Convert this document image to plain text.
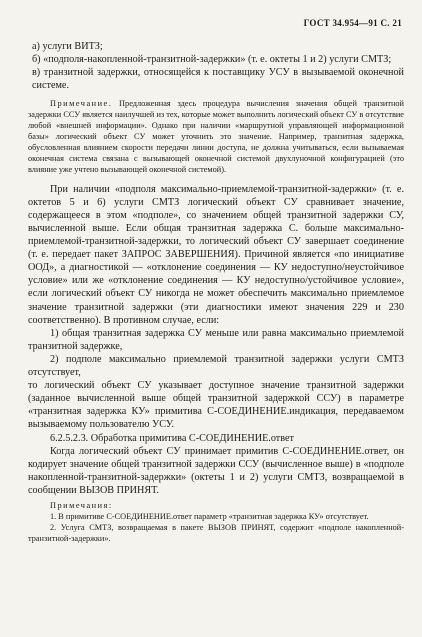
ГОСТ 34.954—91 С. 21

а) услуги ВИТЗ;

б) «подполя-накопленной-транзитной-задержки» (т. е. октеты 1 и 2) услуги СМТЗ;

в) транзитной задержки, относящейся к поставщику УСУ в вызываемой оконечной системе.

Примечание. Предложенная здесь процедура вычисления значения общей транзитной задержки ССУ является наилучшей из тех, которые может выполнить логический объект СУ в отсутствие любой «внешней информации». Однако при наличии «маршрутной управляющей информационной базы» логический объект СУ может уточнить это значение. Например, транзитная задержка, обусловленная влиянием скорости передачи линии доступа, не должна учитываться, если вызываемая оконечная система связана с вызывающей оконечной системой двухлуночной конфигурацией (это влияние уже учтено вызывающей оконечной системой).

При наличии «подполя максимально-приемлемой-транзитной-задержки» (т. е. октетов 5 и 6) услуги СМТЗ логический объект СУ сравнивает значение, содержащееся в этом «подполе», со значением общей транзитной задержки СУ, вычисленной выше. Если общая транзитная задержка С. больше максимально-приемлемой-транзитной-задержки, то логический объект СУ завершает соединение (т. е. передает пакет ЗАПРОС ЗАВЕРШЕНИЯ). Причиной является «по инициативе ООД», а диагностикой — «отклонение соединения — КУ недоступно/неустойчивое условие» или же «отклонение соединения — КУ недоступно/устойчивое условие», если логический объект СУ никогда не может обеспечить максимально приемлемое значение транзитной задержки (эти диагностики имеют значения 229 и 230 соответственно). В противном случае, если:

1) общая транзитная задержка СУ меньше или равна максимально приемлемой транзитной задержке,

2) подполе максимально приемлемой транзитной задержки услуги СМТЗ отсутствует,

то логический объект СУ указывает доступное значение транзитной задержки (заданное вычисленной выше общей транзитной задержкой ССУ) в параметре «транзитная задержка КУ» примитива С-СОЕДИНЕНИЕ.индикация, передаваемом вызываемому пользователю УСУ.

6.2.5.2.3. Обработка примитива С-СОЕДИНЕНИЕ.ответ

Когда логический объект СУ принимает примитив С-СОЕДИНЕНИЕ.ответ, он кодирует значение общей транзитной задержки ССУ (вычисленное выше) в «подполе накопленной-транзитной-задержки» (октеты 1 и 2) услуги СМТЗ, возвращаемой в сообщении ВЫЗОВ ПРИНЯТ.

Примечания:

1. В примитиве С-СОЕДИНЕНИЕ.ответ параметр «транзитная задержка КУ» отсутствует.

2. Услуга СМТЗ, возвращаемая в пакете ВЫЗОВ ПРИНЯТ, содержит «подполе накопленной-транзитной-задержки».
